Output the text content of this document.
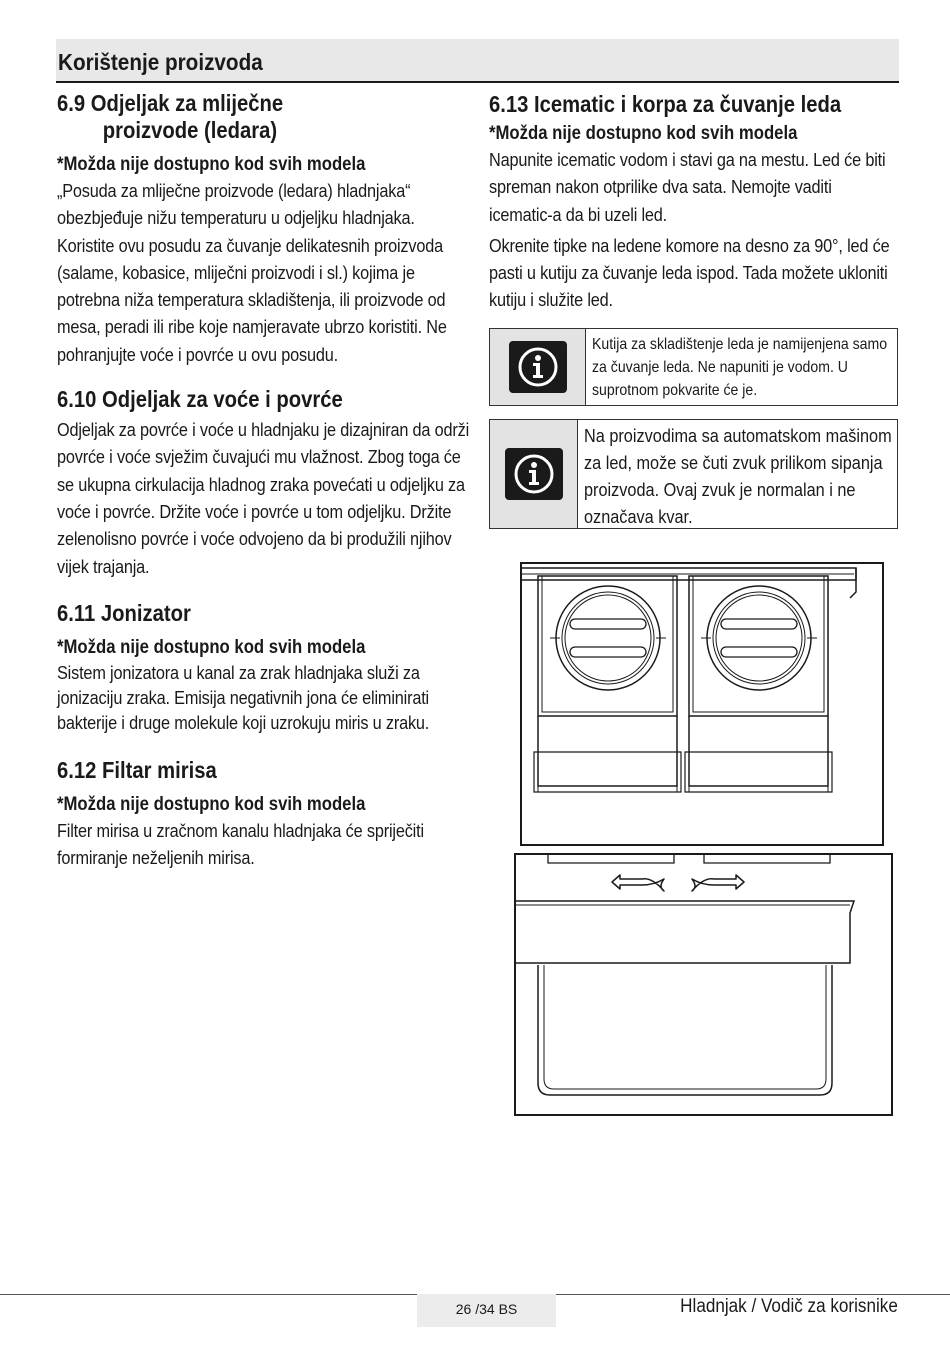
Korištenje proizvoda
6.9 Odjeljak za mliječne
proizvode (ledara)

*Možda nije dostupno kod svih modela

„Posuda za mliječne proizvode (ledara) hladnjaka“ obezbjeđuje nižu temperaturu u odjeljku hladnjaka. Koristite ovu posudu za čuvanje delikatesnih proizvoda (salame, kobasice, mliječni proizvodi i sl.) kojima je potrebna niža temperatura skladištenja, ili proizvode od mesa, peradi ili ribe koje namjeravate ubrzo koristiti. Ne pohranjujte voće i povrće u ovu posudu.

6.10 Odjeljak za voće i povrće

Odjeljak za povrće i voće u hladnjaku je dizajniran da održi povrće i voće svježim čuvajući mu vlažnost. Zbog toga će se ukupna cirkulacija hladnog zraka povećati u odjeljku za voće i povrće. Držite voće i povrće u tom odjeljku. Držite zelenolisno povrće i voće odvojeno da bi produžili njihov vijek trajanja.

6.11 Jonizator

*Možda nije dostupno kod svih modela

Sistem jonizatora u kanal za zrak hladnjaka služi za jonizaciju zraka. Emisija negativnih jona će eliminirati bakterije i druge molekule koji uzrokuju miris u zraku.

6.12 Filtar mirisa

*Možda nije dostupno kod svih modela

Filter mirisa u zračnom kanalu hladnjaka će spriječiti formiranje neželjenih mirisa.

6.13 Icematic i korpa za čuvanje leda

*Možda nije dostupno kod svih modela

Napunite icematic vodom i stavi ga na mestu. Led će biti spreman nakon otprilike dva sata. Nemojte vaditi icematic-a da bi uzeli led.

Okrenite tipke na ledene komore na desno za 90°, led će pasti u kutiju za čuvanje leda ispod. Tada možete ukloniti kutiju i služite led.

Kutija za skladištenje leda je namijenjena samo za čuvanje leda. Ne napuniti je vodom. U suprotnom pokvarite će je.
Na proizvodima sa automatskom mašinom za led, može se čuti zvuk prilikom sipanja proizvoda. Ovaj zvuk je normalan i ne označava kvar.
26 /34 BS	Hladnjak / Vodič za korisnike
